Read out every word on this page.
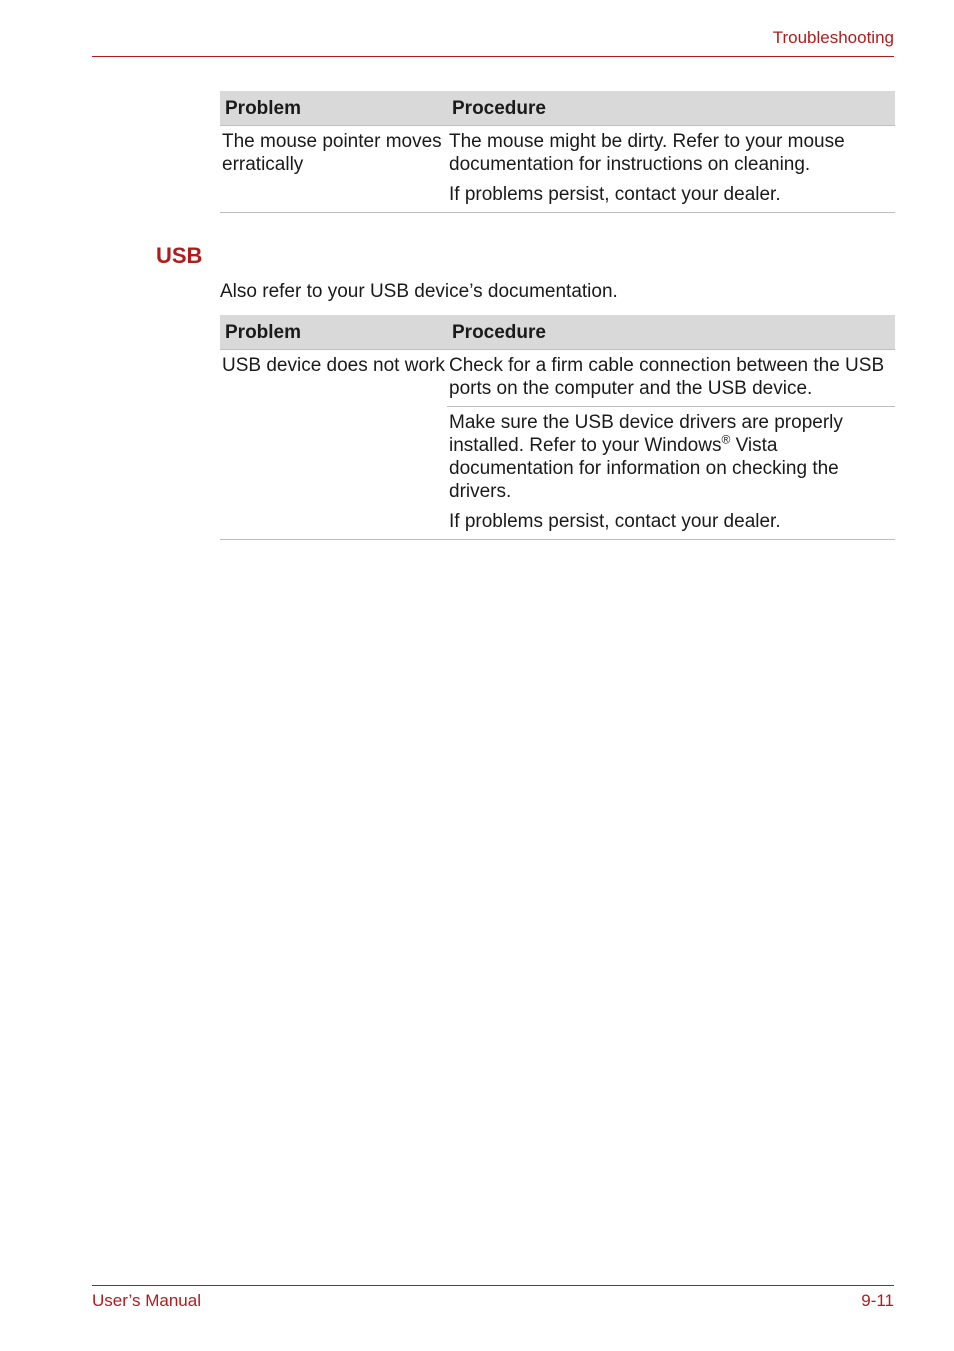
Troubleshooting
Problem	Procedure
The mouse pointer moves erratically	The mouse might be dirty. Refer to your mouse documentation for instructions on cleaning.

If problems persist, contact your dealer.

USB
Also refer to your USB device’s documentation.
Problem	Procedure
USB device does not work	Check for a firm cable connection between the USB ports on the computer and the USB device.

	Make sure the USB device drivers are properly installed. Refer to your Windows® Vista documentation for information on checking the drivers.

If problems persist, contact your dealer.

User’s Manual	9-11
